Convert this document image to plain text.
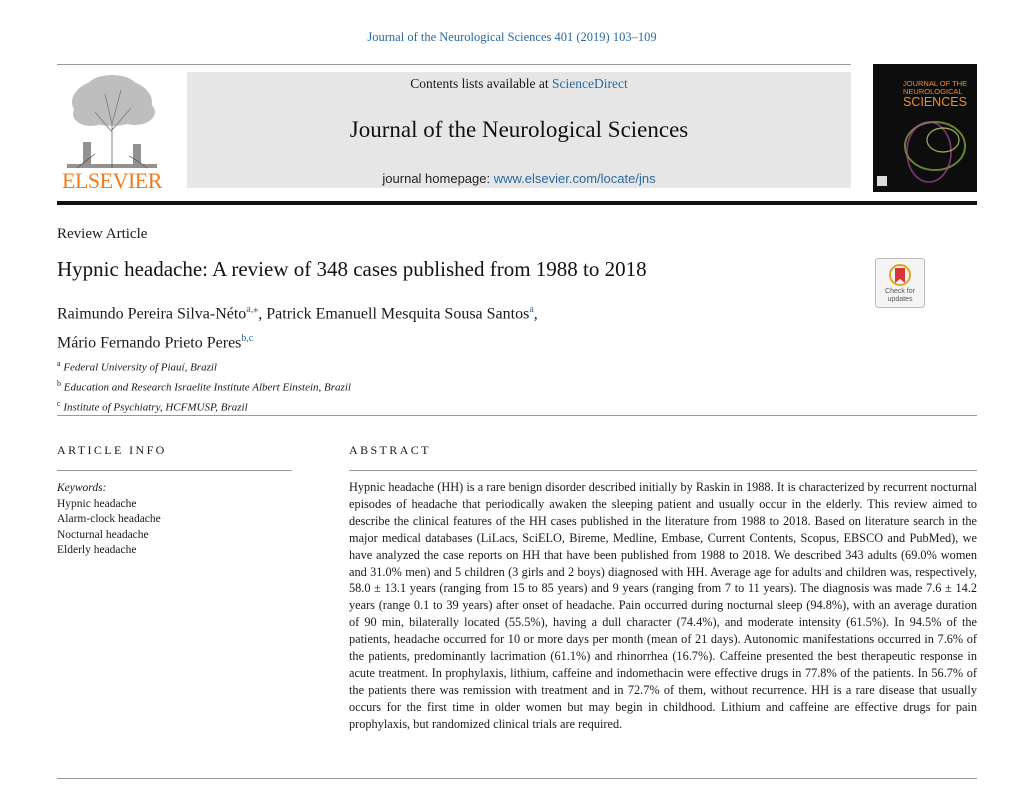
Journal of the Neurological Sciences 401 (2019) 103–109
ELSEVIER
Contents lists available at ScienceDirect
Journal of the Neurological Sciences
journal homepage: www.elsevier.com/locate/jns
JOURNAL OF THE
NEUROLOGICAL
SCIENCES
Review Article
Hypnic headache: A review of 348 cases published from 1988 to 2018
Check for
updates
Raimundo Pereira Silva-Néto$^{a,⁎}$, Patrick Emanuell Mesquita Sousa Santos$^a$,
Mário Fernando Prieto Peres$^{b,c}$
$^a$ Federal University of Piauí, Brazil
$^b$ Education and Research Israelite Institute Albert Einstein, Brazil
$^c$ Institute of Psychiatry, HCFMUSP, Brazil
ARTICLE INFO	ABSTRACT
Keywords:
Hypnic headache
Alarm-clock headache
Nocturnal headache
Elderly headache
Hypnic headache (HH) is a rare benign disorder described initially by Raskin in 1988. It is characterized by recurrent nocturnal episodes of headache that periodically awaken the sleeping patient and usually occur in the elderly. This review aimed to describe the clinical features of the HH cases published in the literature from 1988 to 2018. Based on literature search in the major medical databases (LiLacs, SciELO, Bireme, Medline, Embase, Current Contents, Scopus, EBSCO and PubMed), we have analyzed the case reports on HH that have been published from 1988 to 2018. We described 343 adults (69.0% women and 31.0% men) and 5 children (3 girls and 2 boys) diagnosed with HH. Average age for adults and children was, respectively, 58.0 ± 13.1 years (ranging from 15 to 85 years) and 9 years (ranging from 7 to 11 years). The diagnosis was made 7.6 ± 14.2 years (range 0.1 to 39 years) after onset of headache. Pain occurred during nocturnal sleep (94.8%), with an average duration of 90 min, bilaterally located (55.5%), having a dull character (74.4%), and moderate intensity (61.5%). In 94.5% of the patients, headache occurred for 10 or more days per month (mean of 21 days). Autonomic manifestations occurred in 7.6% of the patients, predominantly lacrimation (61.1%) and rhinorrhea (16.7%). Caffeine presented the best therapeutic response in acute treatment. In prophylaxis, lithium, caffeine and indomethacin were effective drugs in 77.8% of the patients. In 56.7% of the patients there was remission with treatment and in 72.7% of them, without recurrence. HH is a rare disease that usually occurs for the first time in older women but may begin in childhood. Lithium and caffeine are effective drugs for pain prophylaxis, but randomized clinical trials are required.
